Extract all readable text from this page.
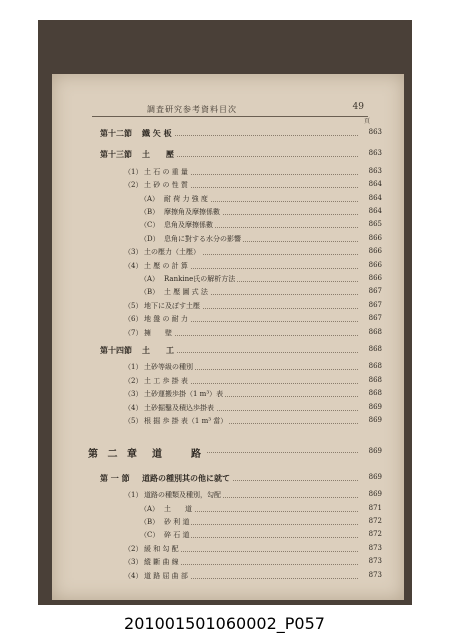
調査研究参考資料目次	49
頁
第十二節 鐵 矢 板	863
第十三節 土　　壓	863
（1） 土 石 の 重 量	863
（2） 土 砂 の 性 質	864
（A） 耐 荷 力 強 度	864
（B） 摩擦角及摩擦係數	864
（C） 息角及摩擦係數	865
（D） 息角に對する水分の影響	866
（3） 土の壓力（土壓）	866
（4） 土 壓 の 計 算	866
（A） Rankine氏の解析方法	866
（B） 土 壓 圖 式 法	867
（5） 地下に及ぼす土壓	867
（6） 地 盤 の 耐 力	867
（7） 擁　　壁	868
第十四節 土　　工	868
（1） 土砂等級の種別	868
（2） 土 工 歩 掛 表	868
（3） 土砂運搬歩掛（1 m³）表	868
（4） 土砂掘鑿及積込歩掛表	869
（5） 根 掘 歩 掛 表（1 m³ 當）	869
第 二 章 道　　路	869
第 一 節 道路の種別其の他に就て	869
（1） 道路の種類及種別，勾配	869
（A） 土　　道	871
（B） 砂 利 道	872
（C） 碎 石 道	872
（2） 緩 和 勾 配	873
（3） 縱 斷 曲 線	873
（4） 道 路 屈 曲 部	873
201001501060002_P057
